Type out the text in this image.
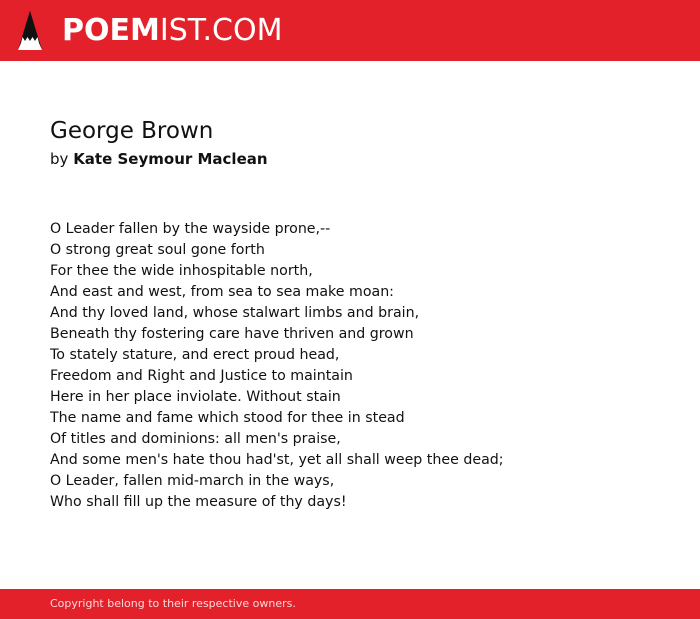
POEMIST.COM
George Brown
by Kate Seymour Maclean
O Leader fallen by the wayside prone,--
O strong great soul gone forth
For thee the wide inhospitable north,
And east and west, from sea to sea make moan:
And thy loved land, whose stalwart limbs and brain,
Beneath thy fostering care have thriven and grown
To stately stature, and erect proud head,
Freedom and Right and Justice to maintain
Here in her place inviolate. Without stain
The name and fame which stood for thee in stead
Of titles and dominions: all men's praise,
And some men's hate thou had'st, yet all shall weep thee dead;
O Leader, fallen mid-march in the ways,
Who shall fill up the measure of thy days!
Copyright belong to their respective owners.
